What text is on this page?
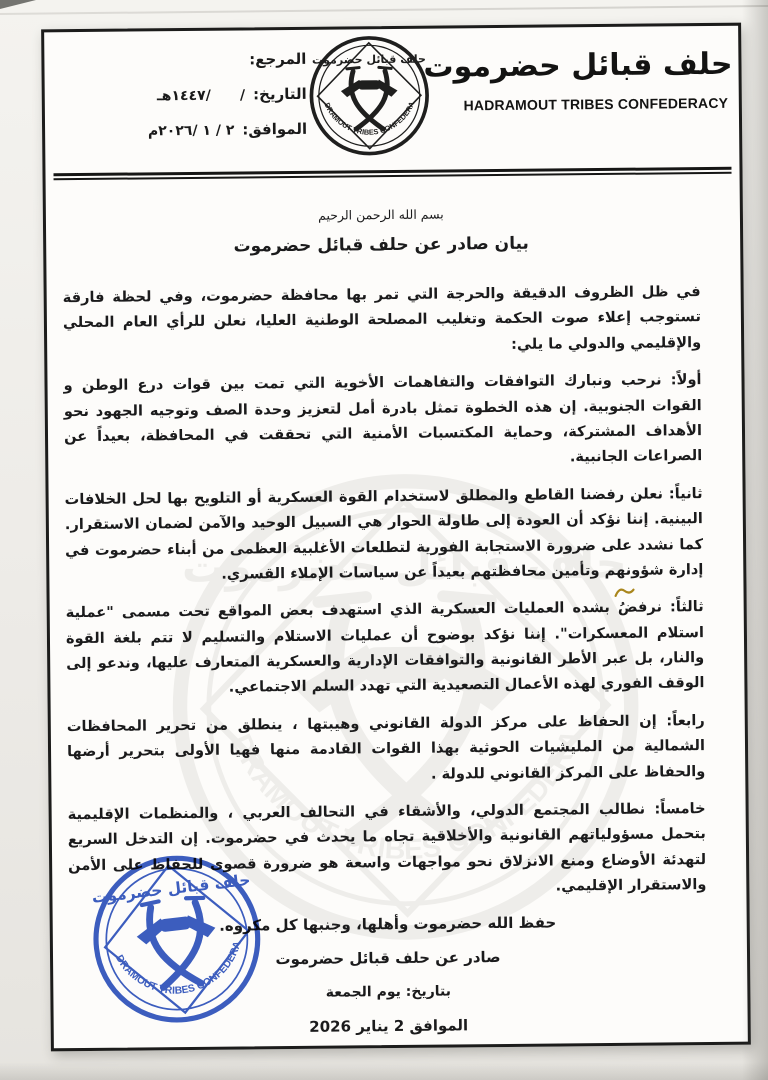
المرجع:
التاريخ:
/      /١٤٤٧هـ
الموافق:
٢ / ١ /٢٠٢٦م
حلف قبائل حضرموت
HADRAMOUT TRIBES CONFEDERACY
بسم الله الرحمن الرحيم
بيان صادر عن حلف قبائل حضرموت
في ظل الظروف الدقيقة والحرجة التي تمر بها محافظة حضرموت، وفي لحظة فارقة تستوجب إعلاء صوت الحكمة وتغليب المصلحة الوطنية العليا، نعلن للرأي العام المحلي والإقليمي والدولي ما يلي:
أولاً: نرحب ونبارك التوافقات والتفاهمات الأخوية التي تمت بين قوات درع الوطن و القوات الجنوبية. إن هذه الخطوة تمثل بادرة أمل لتعزيز وحدة الصف وتوجيه الجهود نحو الأهداف المشتركة، وحماية المكتسبات الأمنية التي تحققت في المحافظة، بعيداً عن الصراعات الجانبية.
ثانياً: نعلن رفضنا القاطع والمطلق لاستخدام القوة العسكرية أو التلويح بها لحل الخلافات البينية. إننا نؤكد أن العودة إلى طاولة الحوار هي السبيل الوحيد والآمن لضمان الاستقرار. كما نشدد على ضرورة الاستجابة الفورية لتطلعات الأغلبية العظمى من أبناء حضرموت في إدارة شؤونهم وتأمين محافظتهم بعيداً عن سياسات الإملاء القسري.
ثالثاً: نرفضُ بشده العمليات العسكرية الذي استهدف بعض المواقع تحت مسمى "عملية استلام المعسكرات". إننا نؤكد بوضوح أن عمليات الاستلام والتسليم لا تتم بلغة القوة والنار، بل عبر الأطر القانونية والتوافقات الإدارية والعسكرية المتعارف عليها، وندعو إلى الوقف الفوري لهذه الأعمال التصعيدية التي تهدد السلم الاجتماعي.
رابعاً: إن الحفاظ على مركز الدولة القانوني وهيبتها ، ينطلق من تحرير المحافظات الشمالية من المليشيات الحوثية بهذا القوات القادمة منها فهيا الأولى بتحرير أرضها والحفاظ على المركز القانوني للدولة .
خامساً: نطالب المجتمع الدولي، والأشقاء في التحالف العربي ، والمنظمات الإقليمية بتحمل مسؤولياتهم القانونية والأخلاقية تجاه ما يحدث في حضرموت. إن التدخل السريع لتهدئة الأوضاع ومنع الانزلاق نحو مواجهات واسعة هو ضرورة قصوى للحفاظ على الأمن والاستقرار الإقليمي.
حفظ الله حضرموت وأهلها، وجنبها كل مكروه.
صادر عن حلف قبائل حضرموت
بتاريخ: يوم الجمعة
الموافق 2 يناير 2026
